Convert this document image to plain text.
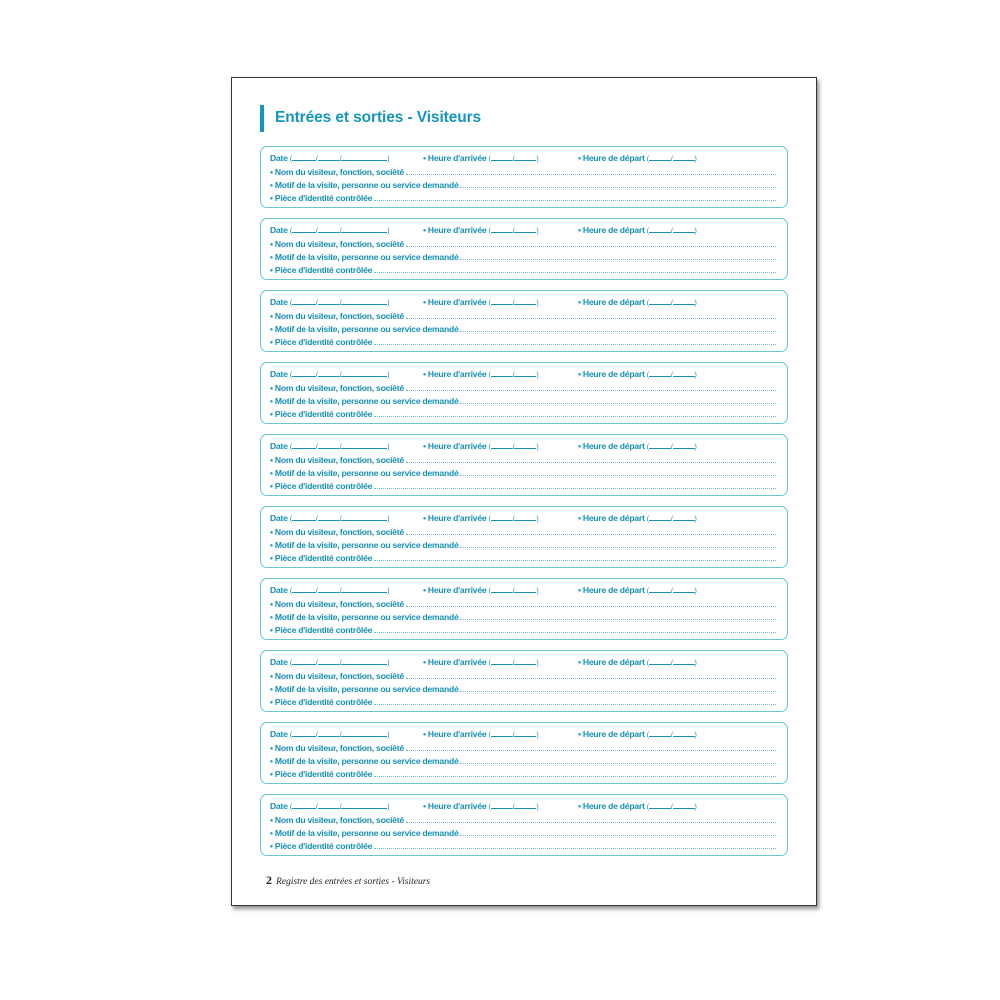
Entrées et sorties - Visiteurs
Date (	/	/	)	• Heure d'arrivée (	/	)	• Heure de départ (	/	)
• Nom du visiteur, fonction, société
• Motif de la visite, personne ou service demandé
• Pièce d'identité contrôlée
Date (	/	/	)	• Heure d'arrivée (	/	)	• Heure de départ (	/	)
• Nom du visiteur, fonction, société
• Motif de la visite, personne ou service demandé
• Pièce d'identité contrôlée
Date (	/	/	)	• Heure d'arrivée (	/	)	• Heure de départ (	/	)
• Nom du visiteur, fonction, société
• Motif de la visite, personne ou service demandé
• Pièce d'identité contrôlée
Date (	/	/	)	• Heure d'arrivée (	/	)	• Heure de départ (	/	)
• Nom du visiteur, fonction, société
• Motif de la visite, personne ou service demandé
• Pièce d'identité contrôlée
Date (	/	/	)	• Heure d'arrivée (	/	)	• Heure de départ (	/	)
• Nom du visiteur, fonction, société
• Motif de la visite, personne ou service demandé
• Pièce d'identité contrôlée
Date (	/	/	)	• Heure d'arrivée (	/	)	• Heure de départ (	/	)
• Nom du visiteur, fonction, société
• Motif de la visite, personne ou service demandé
• Pièce d'identité contrôlée
Date (	/	/	)	• Heure d'arrivée (	/	)	• Heure de départ (	/	)
• Nom du visiteur, fonction, société
• Motif de la visite, personne ou service demandé
• Pièce d'identité contrôlée
Date (	/	/	)	• Heure d'arrivée (	/	)	• Heure de départ (	/	)
• Nom du visiteur, fonction, société
• Motif de la visite, personne ou service demandé
• Pièce d'identité contrôlée
Date (	/	/	)	• Heure d'arrivée (	/	)	• Heure de départ (	/	)
• Nom du visiteur, fonction, société
• Motif de la visite, personne ou service demandé
• Pièce d'identité contrôlée
Date (	/	/	)	• Heure d'arrivée (	/	)	• Heure de départ (	/	)
• Nom du visiteur, fonction, société
• Motif de la visite, personne ou service demandé
• Pièce d'identité contrôlée
2 Registre des entrées et sorties - Visiteurs
